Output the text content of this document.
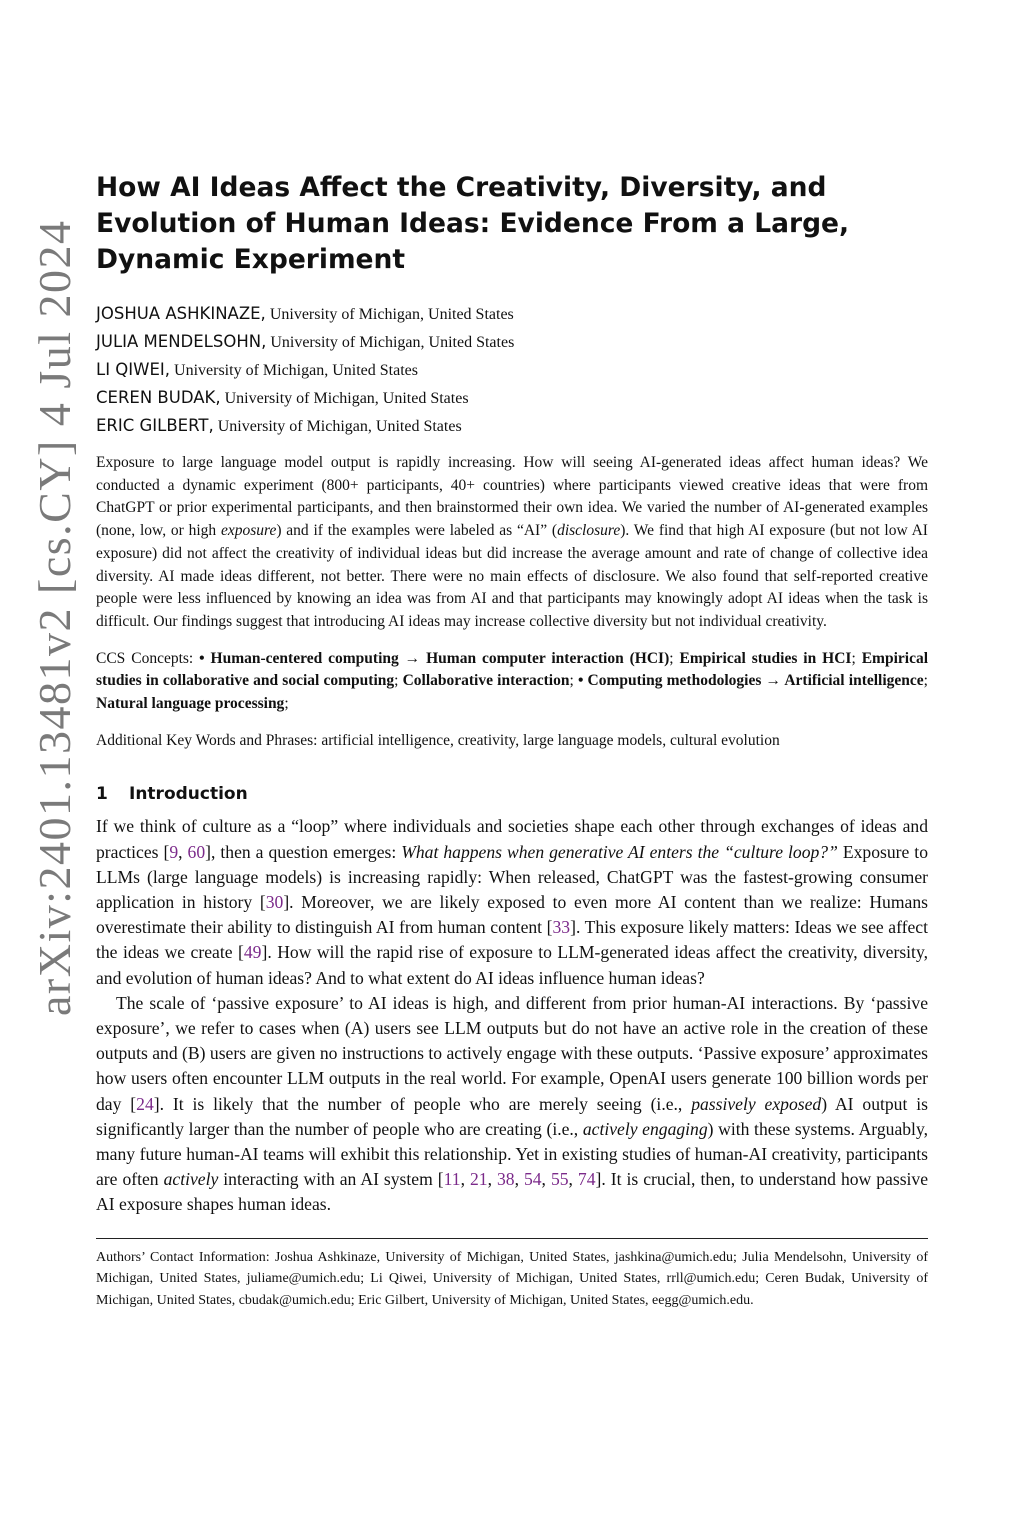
arXiv:2401.13481v2 [cs.CY] 4 Jul 2024
How AI Ideas Affect the Creativity, Diversity, and Evolution of Human Ideas: Evidence From a Large, Dynamic Experiment
JOSHUA ASHKINAZE, University of Michigan, United States
JULIA MENDELSOHN, University of Michigan, United States
LI QIWEI, University of Michigan, United States
CEREN BUDAK, University of Michigan, United States
ERIC GILBERT, University of Michigan, United States

Exposure to large language model output is rapidly increasing. How will seeing AI-generated ideas affect human ideas? We conducted a dynamic experiment (800+ participants, 40+ countries) where participants viewed creative ideas that were from ChatGPT or prior experimental participants, and then brainstormed their own idea. We varied the number of AI-generated examples (none, low, or high exposure) and if the examples were labeled as “AI” (disclosure). We find that high AI exposure (but not low AI exposure) did not affect the creativity of individual ideas but did increase the average amount and rate of change of collective idea diversity. AI made ideas different, not better. There were no main effects of disclosure. We also found that self-reported creative people were less influenced by knowing an idea was from AI and that participants may knowingly adopt AI ideas when the task is difficult. Our findings suggest that introducing AI ideas may increase collective diversity but not individual creativity.

CCS Concepts: • Human-centered computing → Human computer interaction (HCI); Empirical studies in HCI; Empirical studies in collaborative and social computing; Collaborative interaction; • Computing methodologies → Artificial intelligence; Natural language processing;

Additional Key Words and Phrases: artificial intelligence, creativity, large language models, cultural evolution

1 Introduction

If we think of culture as a “loop” where individuals and societies shape each other through exchanges of ideas and practices [9, 60], then a question emerges: What happens when generative AI enters the “culture loop?” Exposure to LLMs (large language models) is increasing rapidly: When released, ChatGPT was the fastest-growing consumer application in history [30]. Moreover, we are likely exposed to even more AI content than we realize: Humans overestimate their ability to distinguish AI from human content [33]. This exposure likely matters: Ideas we see affect the ideas we create [49]. How will the rapid rise of exposure to LLM-generated ideas affect the creativity, diversity, and evolution of human ideas? And to what extent do AI ideas influence human ideas?

The scale of ‘passive exposure’ to AI ideas is high, and different from prior human-AI interactions. By ‘passive exposure’, we refer to cases when (A) users see LLM outputs but do not have an active role in the creation of these outputs and (B) users are given no instructions to actively engage with these outputs. ‘Passive exposure’ approximates how users often encounter LLM outputs in the real world. For example, OpenAI users generate 100 billion words per day [24]. It is likely that the number of people who are merely seeing (i.e., passively exposed) AI output is significantly larger than the number of people who are creating (i.e., actively engaging) with these systems. Arguably, many future human-AI teams will exhibit this relationship. Yet in existing studies of human-AI creativity, participants are often actively interacting with an AI system [11, 21, 38, 54, 55, 74]. It is crucial, then, to understand how passive AI exposure shapes human ideas.

Authors’ Contact Information: Joshua Ashkinaze, University of Michigan, United States, jashkina@umich.edu; Julia Mendelsohn, University of Michigan, United States, juliame@umich.edu; Li Qiwei, University of Michigan, United States, rrll@umich.edu; Ceren Budak, University of Michigan, United States, cbudak@umich.edu; Eric Gilbert, University of Michigan, United States, eegg@umich.edu.
